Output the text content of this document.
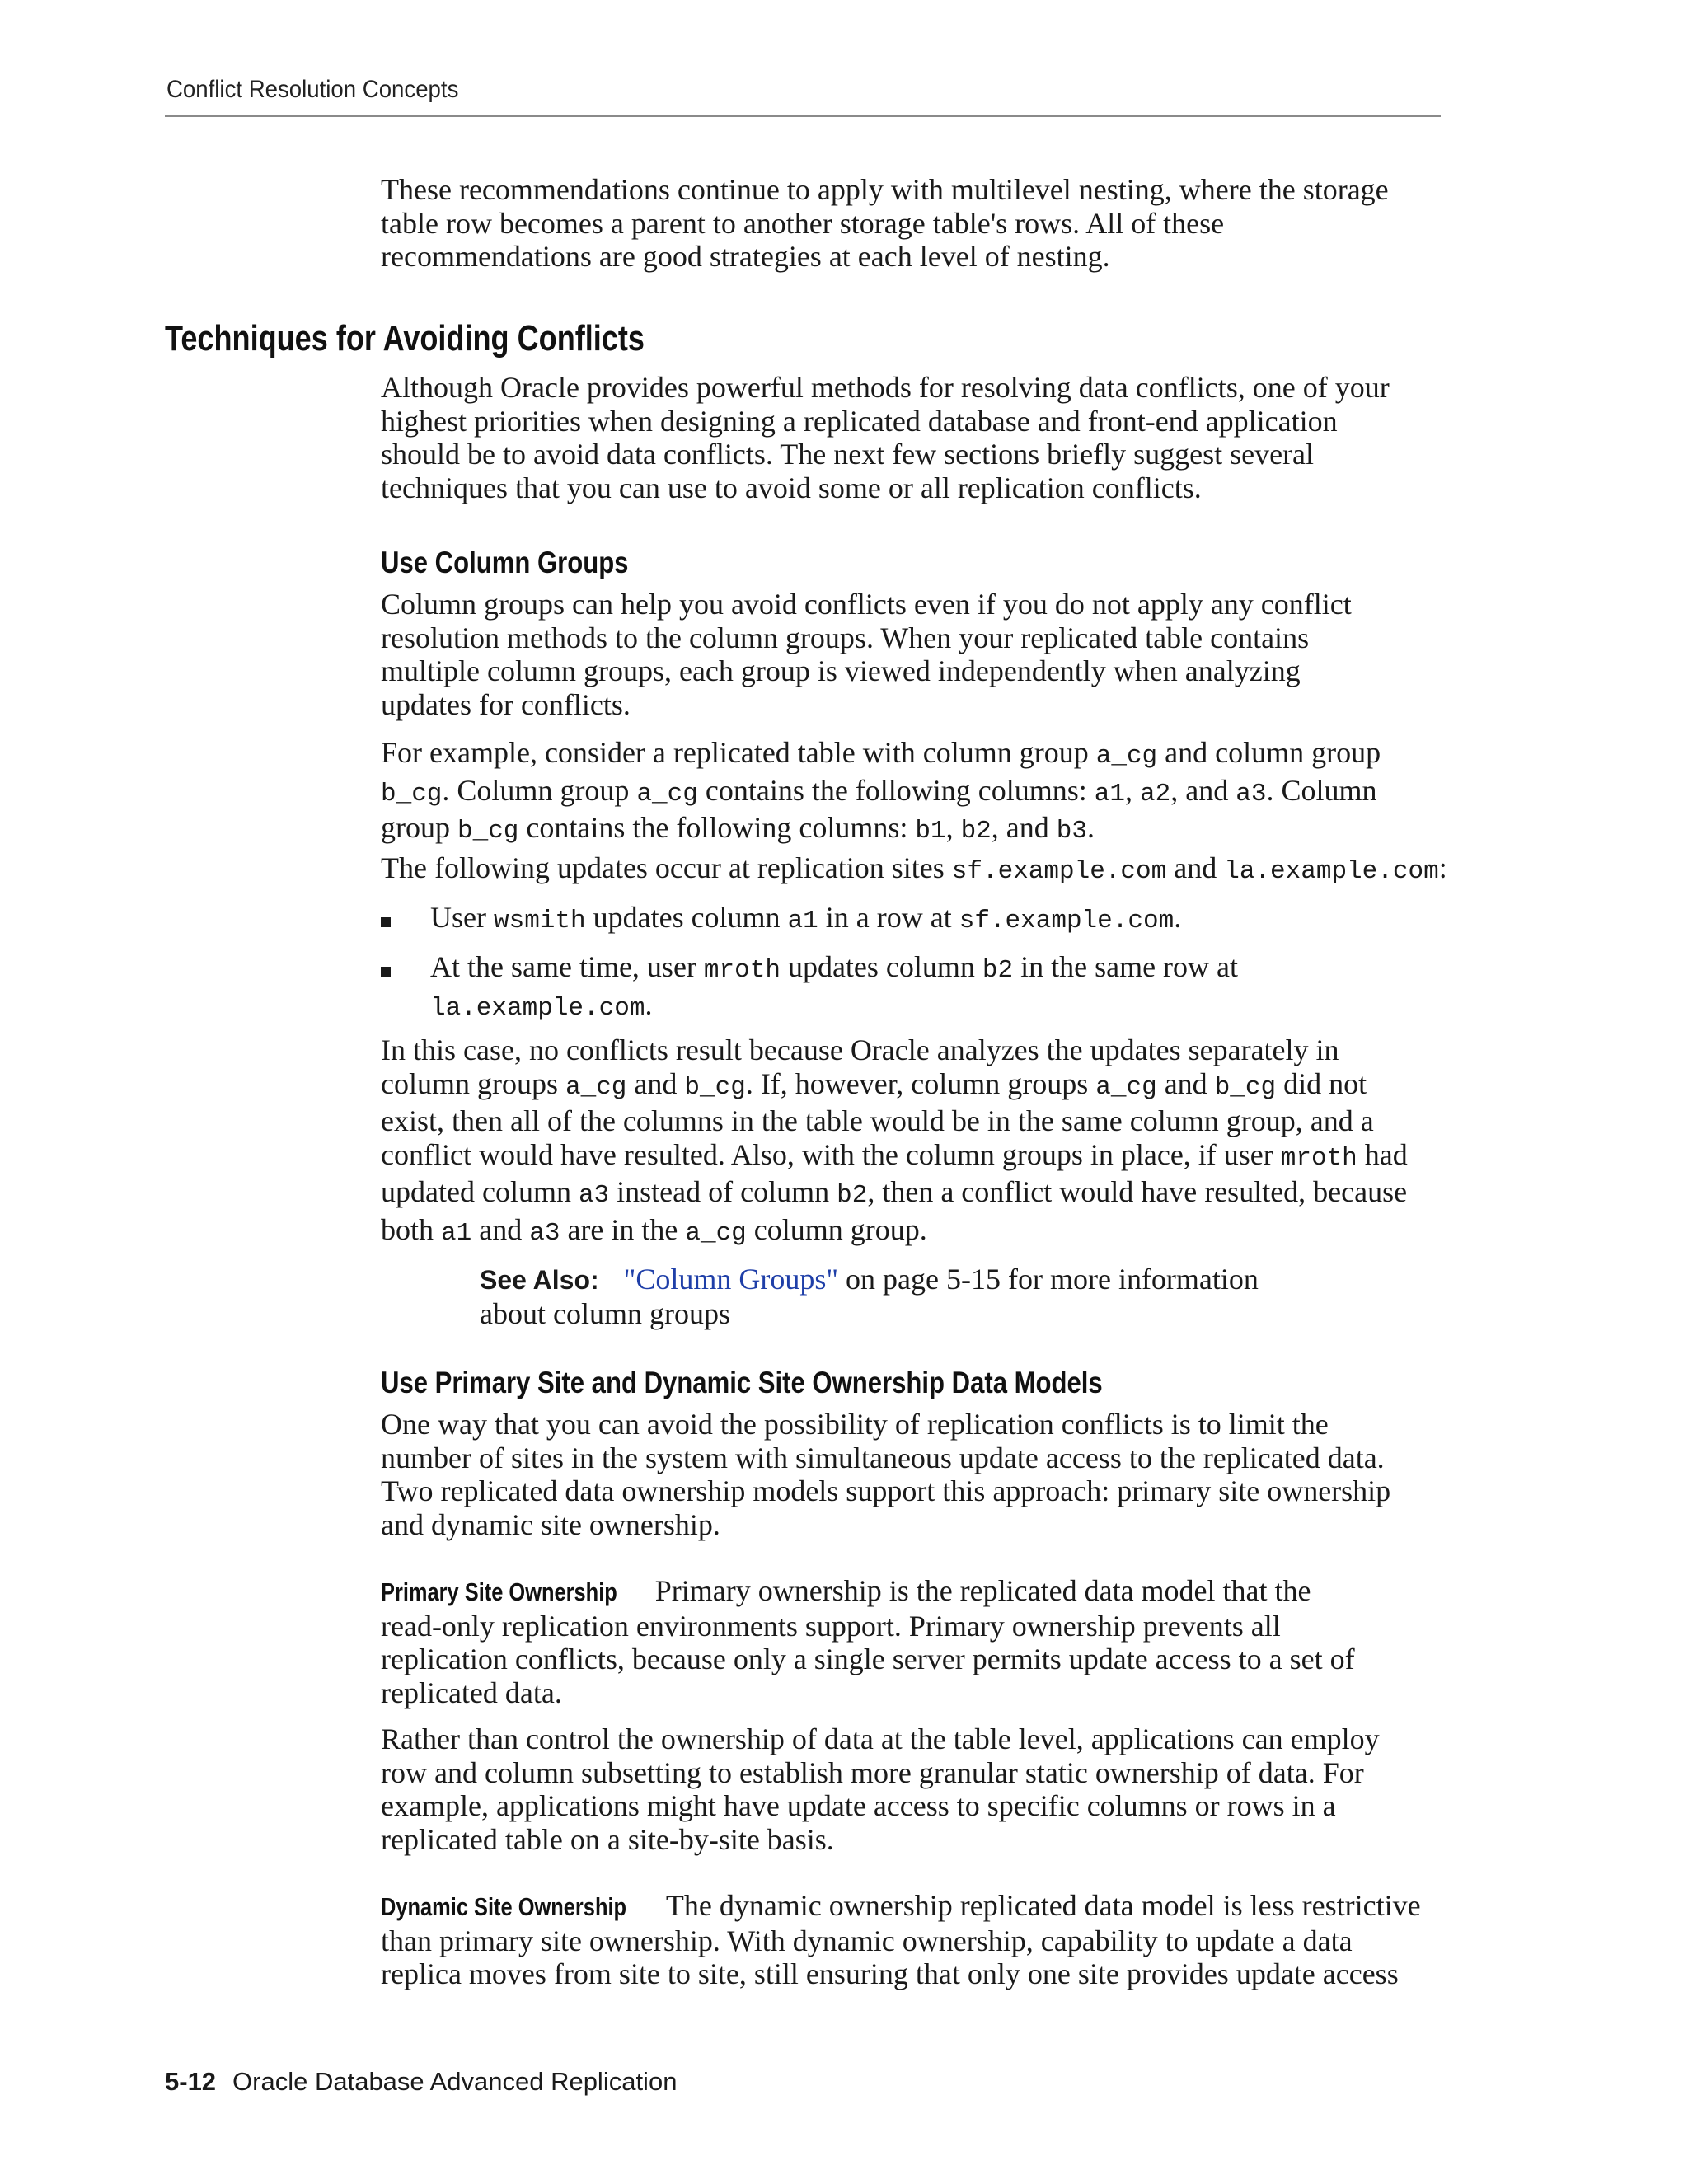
Conflict Resolution Concepts
These recommendations continue to apply with multilevel nesting, where the storage
table row becomes a parent to another storage table's rows. All of these
recommendations are good strategies at each level of nesting.
Techniques for Avoiding Conflicts
Although Oracle provides powerful methods for resolving data conflicts, one of your
highest priorities when designing a replicated database and front-end application
should be to avoid data conflicts. The next few sections briefly suggest several
techniques that you can use to avoid some or all replication conflicts.
Use Column Groups
Column groups can help you avoid conflicts even if you do not apply any conflict
resolution methods to the column groups. When your replicated table contains
multiple column groups, each group is viewed independently when analyzing
updates for conflicts.
For example, consider a replicated table with column group a_cg and column group
b_cg. Column group a_cg contains the following columns: a1, a2, and a3. Column
group b_cg contains the following columns: b1, b2, and b3.
The following updates occur at replication sites sf.example.com and la.example.com:
User wsmith updates column a1 in a row at sf.example.com.
At the same time, user mroth updates column b2 in the same row at
la.example.com.
In this case, no conflicts result because Oracle analyzes the updates separately in
column groups a_cg and b_cg. If, however, column groups a_cg and b_cg did not
exist, then all of the columns in the table would be in the same column group, and a
conflict would have resulted. Also, with the column groups in place, if user mroth had
updated column a3 instead of column b2, then a conflict would have resulted, because
both a1 and a3 are in the a_cg column group.
See Also: "Column Groups" on page 5-15 for more information
about column groups
Use Primary Site and Dynamic Site Ownership Data Models
One way that you can avoid the possibility of replication conflicts is to limit the
number of sites in the system with simultaneous update access to the replicated data.
Two replicated data ownership models support this approach: primary site ownership
and dynamic site ownership.
Primary Site Ownership Primary ownership is the replicated data model that the
read-only replication environments support. Primary ownership prevents all
replication conflicts, because only a single server permits update access to a set of
replicated data.
Rather than control the ownership of data at the table level, applications can employ
row and column subsetting to establish more granular static ownership of data. For
example, applications might have update access to specific columns or rows in a
replicated table on a site-by-site basis.
Dynamic Site Ownership The dynamic ownership replicated data model is less restrictive
than primary site ownership. With dynamic ownership, capability to update a data
replica moves from site to site, still ensuring that only one site provides update access
5-12 Oracle Database Advanced Replication
